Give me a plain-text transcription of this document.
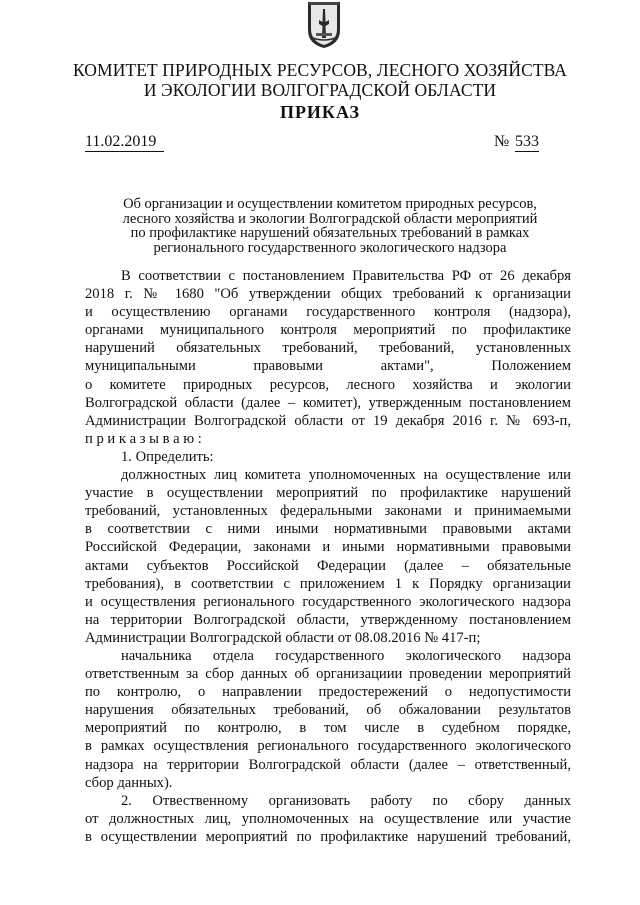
КОМИТЕТ ПРИРОДНЫХ РЕСУРСОВ, ЛЕСНОГО ХОЗЯЙСТВА
И ЭКОЛОГИИ ВОЛГОГРАДСКОЙ ОБЛАСТИ
ПРИКАЗ
11.02.2019	№ 533
Об организации и осуществлении комитетом природных ресурсов,
лесного хозяйства и экологии Волгоградской области мероприятий
по профилактике нарушений обязательных требований в рамках
регионального государственного экологического надзора
В соответствии с постановлением Правительства РФ от 26 декабря
2018 г. № 1680 "Об утверждении общих требований к организации
и осуществлению органами государственного контроля (надзора),
органами муниципального контроля мероприятий по профилактике
нарушений обязательных требований, требований, установленных
муниципальными правовыми актами", Положением
о комитете природных ресурсов, лесного хозяйства и экологии
Волгоградской области (далее – комитет), утвержденным постановлением
Администрации Волгоградской области от 19 декабря 2016 г. № 693-п,
п р и к а з ы в а ю :
1. Определить:
должностных лиц комитета уполномоченных на осуществление или
участие в осуществлении мероприятий по профилактике нарушений
требований, установленных федеральными законами и принимаемыми
в соответствии с ними иными нормативными правовыми актами
Российской Федерации, законами и иными нормативными правовыми
актами субъектов Российской Федерации (далее – обязательные
требования), в соответствии с приложением 1 к Порядку организации
и осуществления регионального государственного экологического надзора
на территории Волгоградской области, утвержденному постановлением
Администрации Волгоградской области от 08.08.2016 № 417-п;
начальника отдела государственного экологического надзора
ответственным за сбор данных об организациии проведении мероприятий
по контролю, о направлении предостережений о недопустимости
нарушения обязательных требований, об обжаловании результатов
мероприятий по контролю, в том числе в судебном порядке,
в рамках осуществления регионального государственного экологического
надзора на территории Волгоградской области (далее – ответственный,
сбор данных).
2. Отвественному организовать работу по сбору данных
от должностных лиц, уполномоченных на осуществление или участие
в осуществлении мероприятий по профилактике нарушений требований,
